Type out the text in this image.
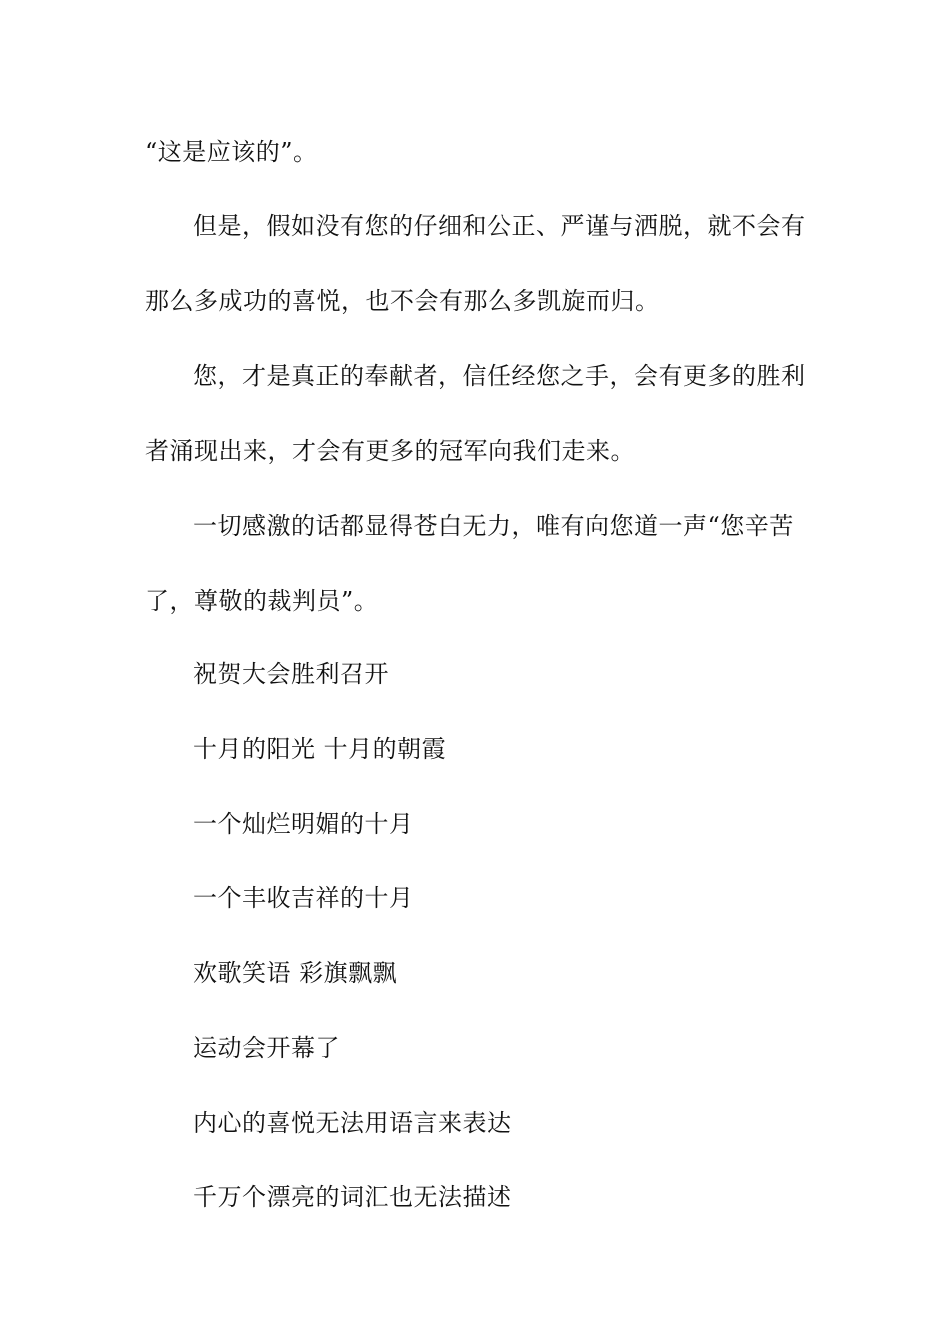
“这是应该的”。
但是，假如没有您的仔细和公正、严谨与洒脱，就不会有
那么多成功的喜悦，也不会有那么多凯旋而归。
您，才是真正的奉献者，信任经您之手，会有更多的胜利
者涌现出来，才会有更多的冠军向我们走来。
一切感激的话都显得苍白无力，唯有向您道一声“您辛苦
了，尊敬的裁判员”。
祝贺大会胜利召开
十月的阳光 十月的朝霞
一个灿烂明媚的十月
一个丰收吉祥的十月
欢歌笑语 彩旗飘飘
运动会开幕了
内心的喜悦无法用语言来表达
千万个漂亮的词汇也无法描述
